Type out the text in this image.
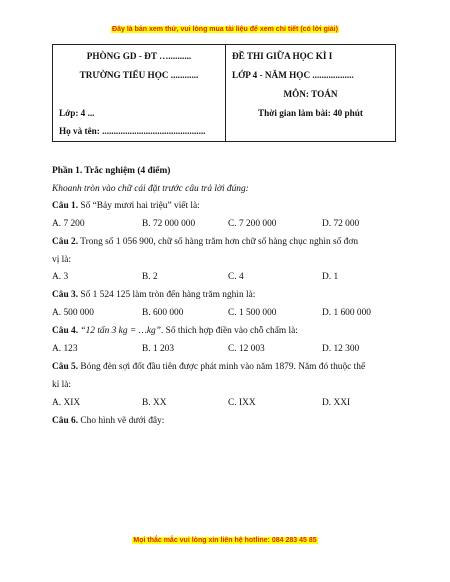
Đây là bản xem thử, vui lòng mua tài liệu để xem chi tiết (có lời giải)
PHÒNG GD - ĐT …..........
TRƯỜNG TIỂU HỌC ............
Lớp: 4 ...
Họ và tên: .............................................

ĐỀ THI GIỮA HỌC KÌ I
LỚP 4 - NĂM HỌC ..................
MÔN: TOÁN
Thời gian làm bài: 40 phút
Phần 1. Trắc nghiệm (4 điểm)
Khoanh tròn vào chữ cái đặt trước câu trả lời đúng:
Câu 1. Số “Bảy mươi hai triệu” viết là:
A. 7 200	B. 72 000 000	C. 7 200 000	D. 72 000
Câu 2. Trong số 1 056 900, chữ số hàng trăm hơn chữ số hàng chục nghìn số đơn
vị là:
A. 3	B. 2	C. 4	D. 1
Câu 3. Số 1 524 125 làm tròn đến hàng trăm nghìn là:
A. 500 000	B. 600 000	C. 1 500 000	D. 1 600 000
Câu 4. “12 tấn 3 kg = …kg”. Số thích hợp điền vào chỗ chấm là:
A. 123	B. 1 203	C. 12 003	D. 12 300
Câu 5. Bóng đèn sợi đốt đầu tiên được phát minh vào năm 1879. Năm đó thuộc thế
kỉ là:
A. XIX	B. XX	C. IXX	D. XXI
Câu 6. Cho hình vẽ dưới đây:
Mọi thắc mắc vui lòng xin liên hệ hotline: 084 283 45 85
